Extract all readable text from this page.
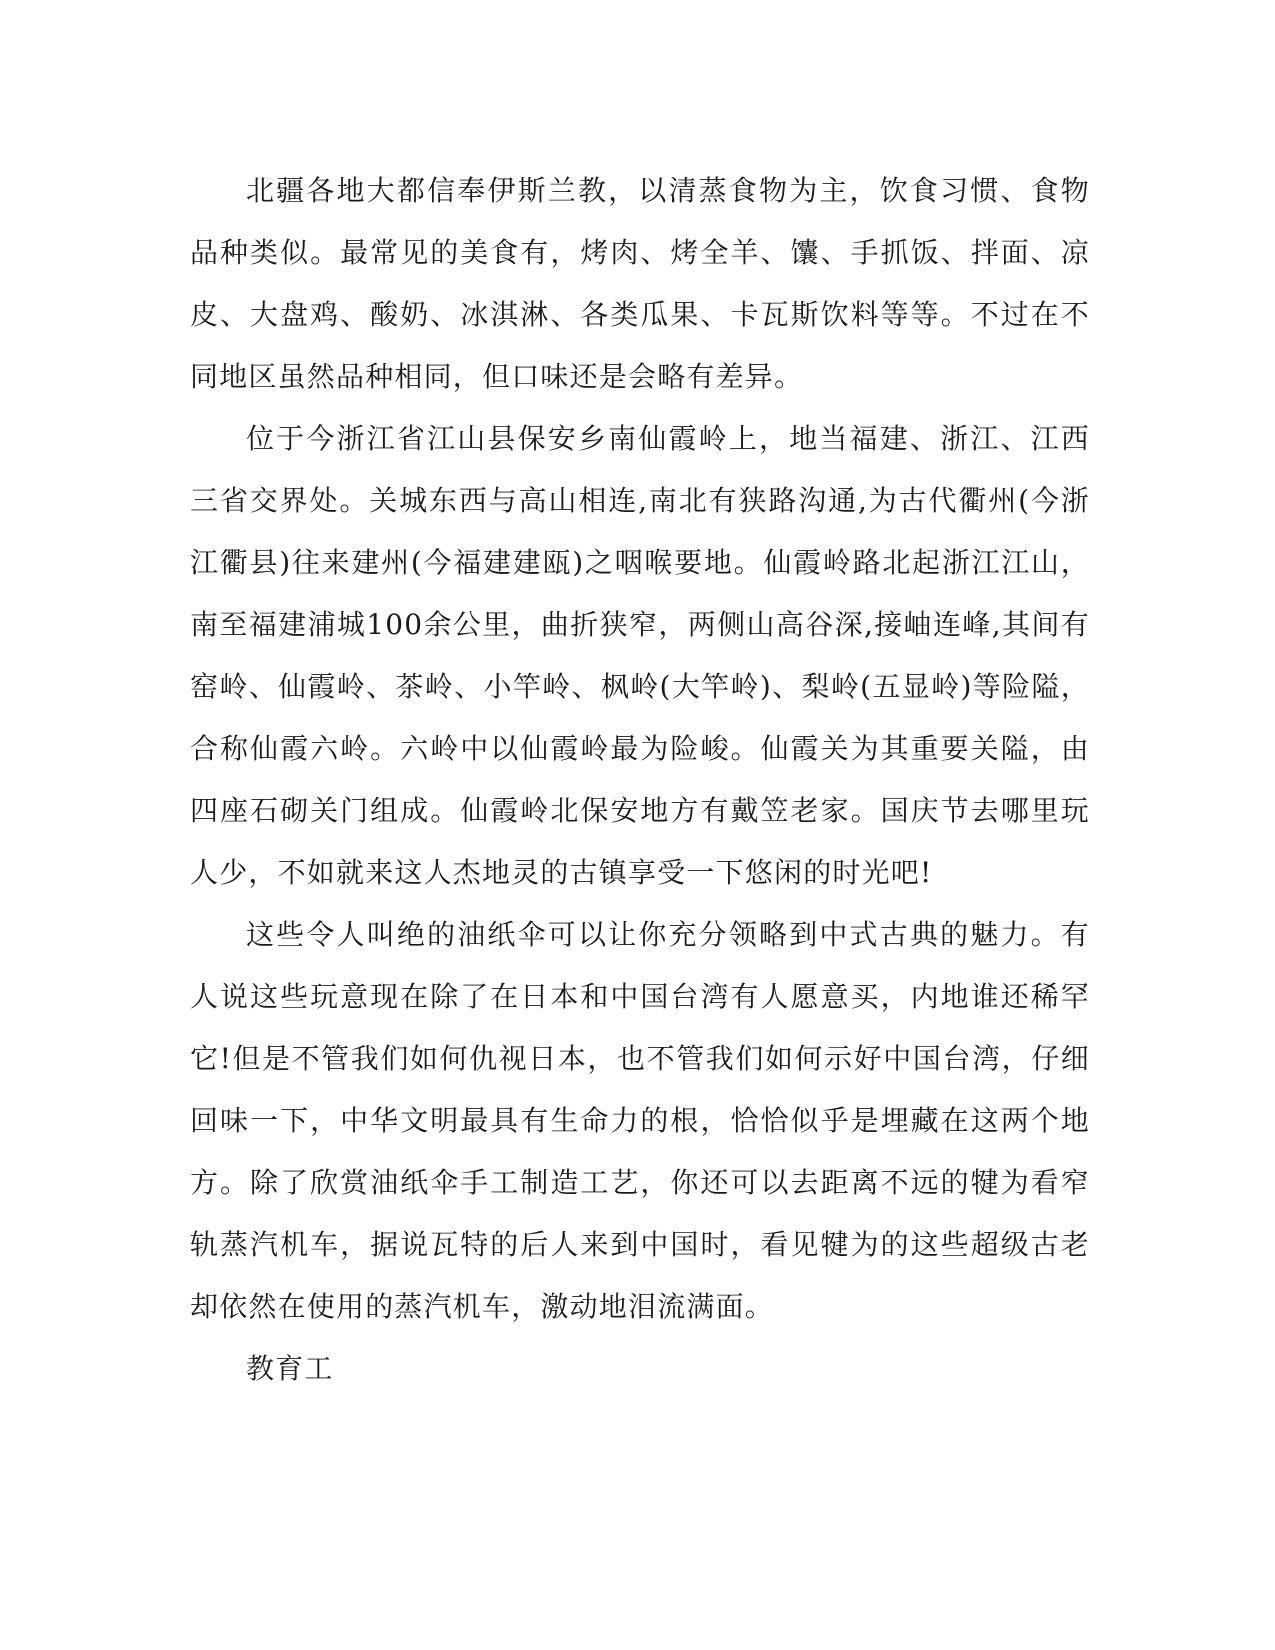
北疆各地大都信奉伊斯兰教，以清蒸食物为主，饮食习惯、食物品种类似。最常见的美食有，烤肉、烤全羊、馕、手抓饭、拌面、凉皮、大盘鸡、酸奶、冰淇淋、各类瓜果、卡瓦斯饮料等等。不过在不同地区虽然品种相同，但口味还是会略有差异。

位于今浙江省江山县保安乡南仙霞岭上，地当福建、浙江、江西三省交界处。关城东西与高山相连,南北有狭路沟通,为古代衢州(今浙江衢县)往来建州(今福建建瓯)之咽喉要地。仙霞岭路北起浙江江山，南至福建浦城100余公里，曲折狭窄，两侧山高谷深,接岫连峰,其间有窑岭、仙霞岭、茶岭、小竿岭、枫岭(大竿岭)、梨岭(五显岭)等险隘，合称仙霞六岭。六岭中以仙霞岭最为险峻。仙霞关为其重要关隘，由四座石砌关门组成。仙霞岭北保安地方有戴笠老家。国庆节去哪里玩人少，不如就来这人杰地灵的古镇享受一下悠闲的时光吧!

这些令人叫绝的油纸伞可以让你充分领略到中式古典的魅力。有人说这些玩意现在除了在日本和中国台湾有人愿意买，内地谁还稀罕它!但是不管我们如何仇视日本，也不管我们如何示好中国台湾，仔细回味一下，中华文明最具有生命力的根，恰恰似乎是埋藏在这两个地方。除了欣赏油纸伞手工制造工艺，你还可以去距离不远的犍为看窄轨蒸汽机车，据说瓦特的后人来到中国时，看见犍为的这些超级古老却依然在使用的蒸汽机车，激动地泪流满面。

教育工
